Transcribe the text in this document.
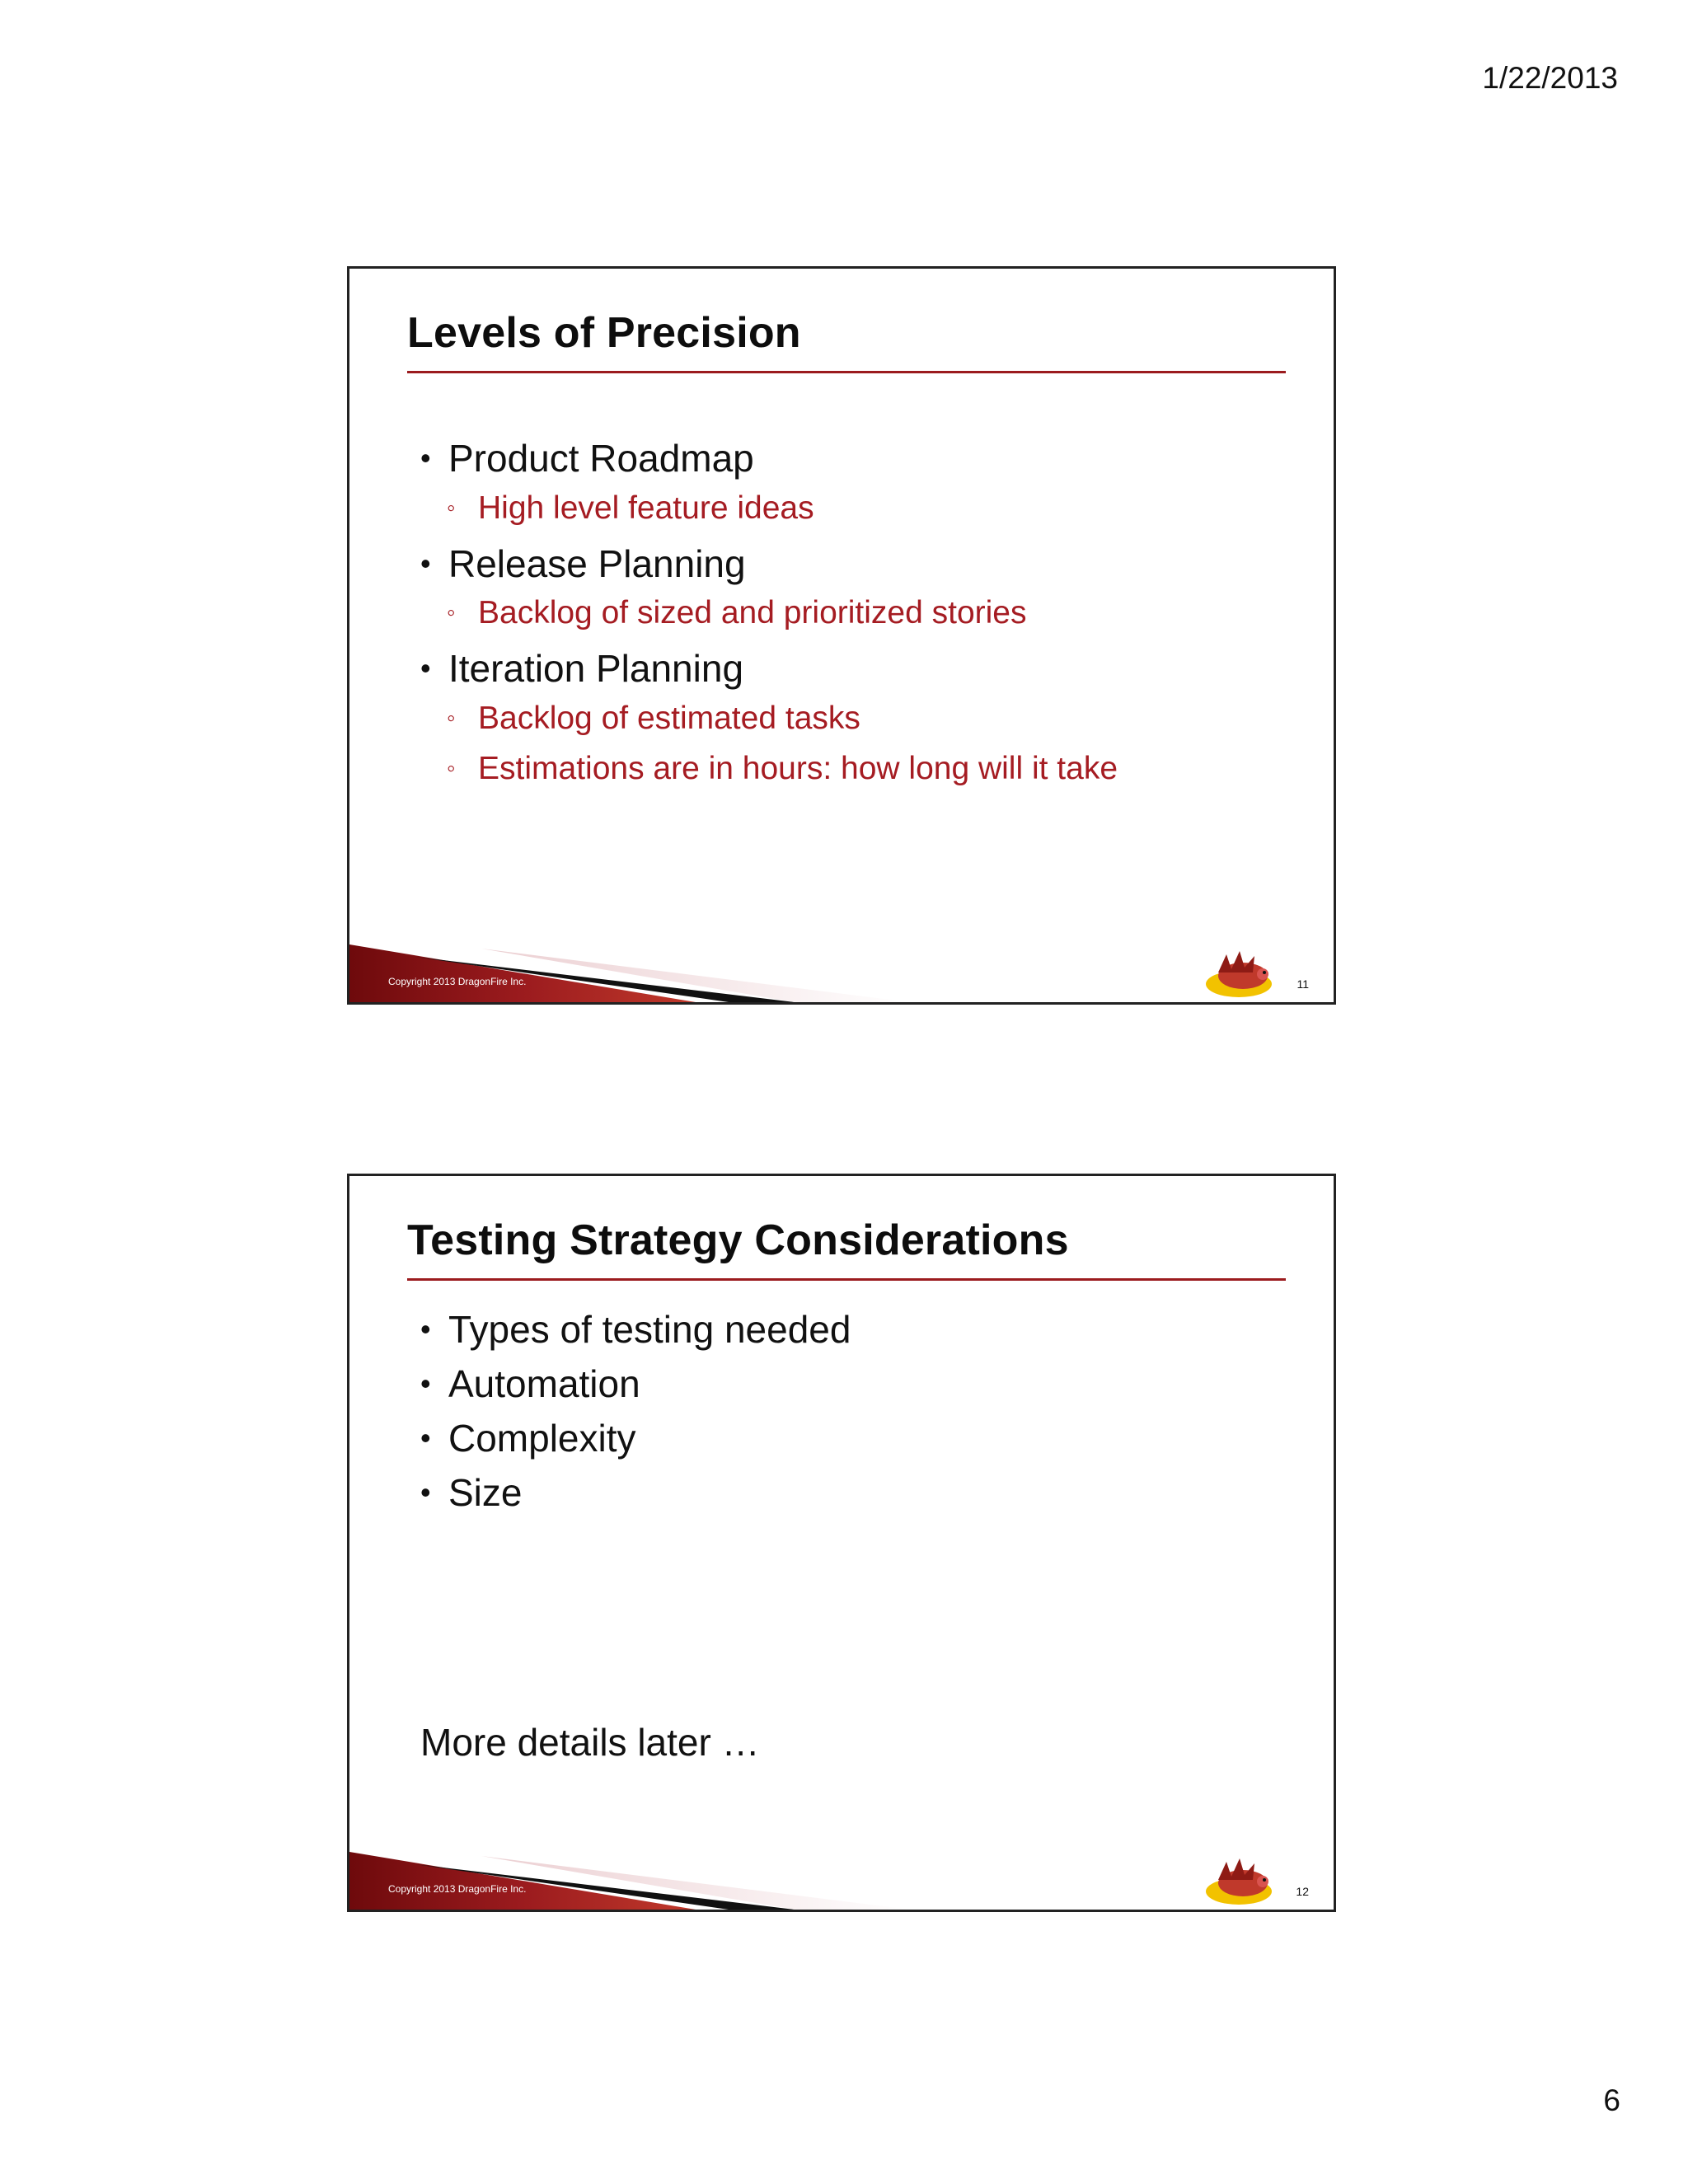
1/22/2013
Levels of Precision
• Product Roadmap
◦ High level feature ideas
• Release Planning
◦ Backlog of sized and prioritized stories
• Iteration Planning
◦ Backlog of estimated tasks
◦ Estimations are in hours: how long will it take
Copyright 2013 DragonFire Inc.	11
Testing Strategy Considerations
• Types of testing needed
• Automation
• Complexity
• Size

More details later …

Copyright 2013 DragonFire Inc.	12
6
